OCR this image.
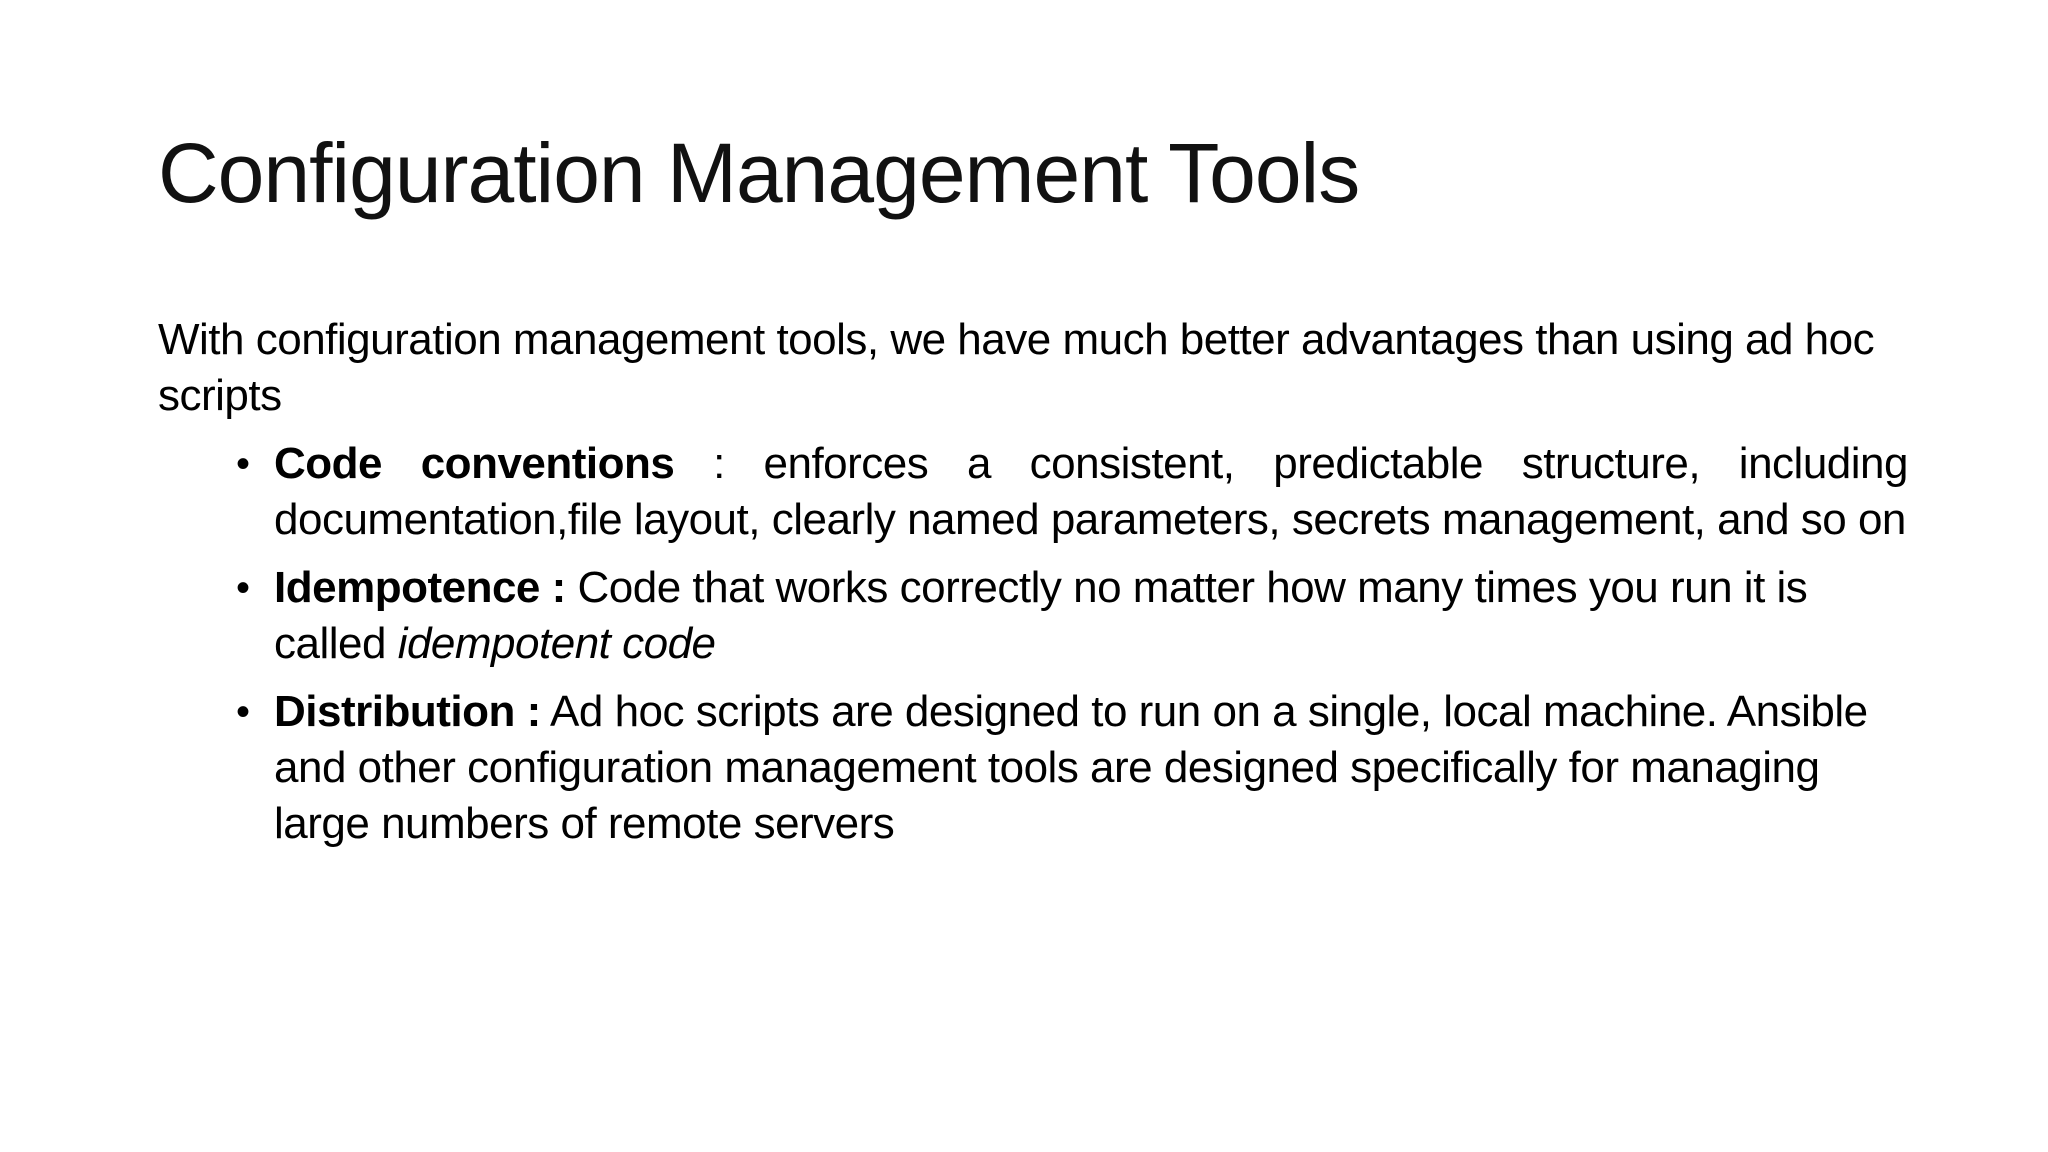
Configuration Management Tools

With configuration management tools, we have much better advantages than using ad hoc scripts

• Code conventions : enforces a consistent, predictable structure, including documentation,file layout, clearly named parameters, secrets management, and so on
• Idempotence : Code that works correctly no matter how many times you run it is called idempotent code
• Distribution : Ad hoc scripts are designed to run on a single, local machine. Ansible and other configuration management tools are designed specifically for managing large numbers of remote servers
